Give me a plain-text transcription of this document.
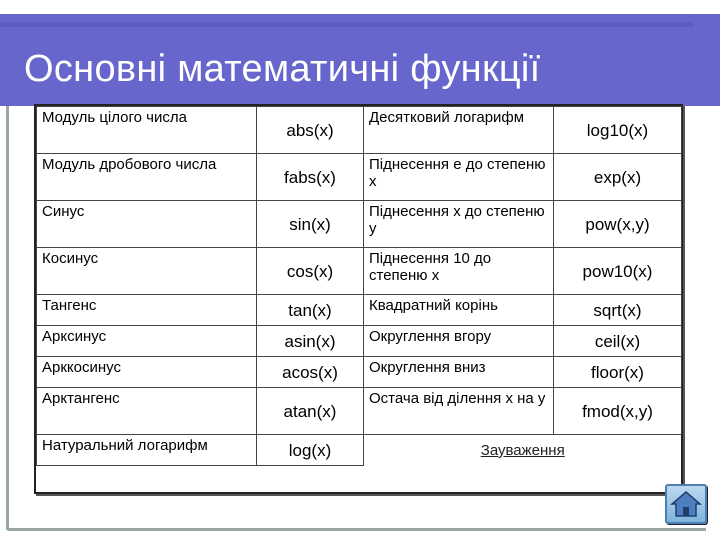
Основні математичні функції
Модуль цілого числа	abs(x)	Десятковий логарифм	log10(x)
Модуль дробового числа	fabs(x)	Піднесення e до степеню x	exp(x)
Синус	sin(x)	Піднесення x до степеню y	pow(x,y)
Косинус	cos(x)	Піднесення 10 до степеню x	pow10(x)
Тангенс	tan(x)	Квадратний корінь	sqrt(x)
Арксинус	asin(x)	Округлення вгору	ceil(x)
Арккосинус	acos(x)	Округлення вниз	floor(x)
Арктангенс	atan(x)	Остача від ділення x на y	fmod(x,y)
Натуральний логарифм	log(x)	Зауваження	
